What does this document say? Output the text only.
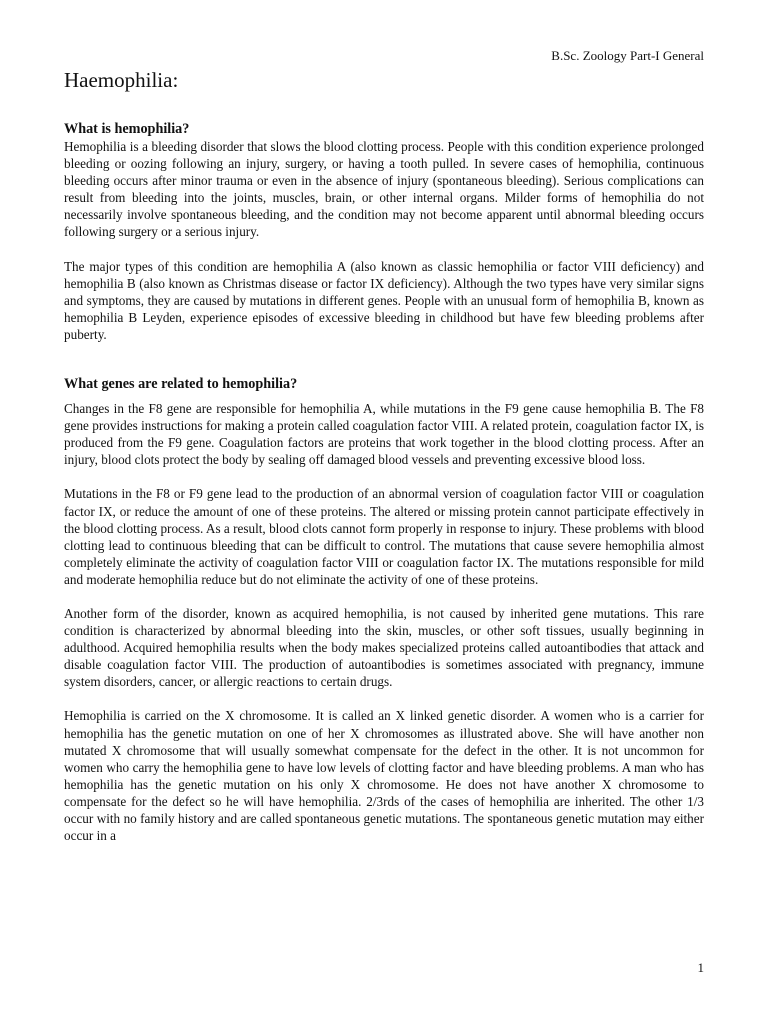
B.Sc. Zoology Part-I General

Haemophilia:
What is hemophilia?

Hemophilia is a bleeding disorder that slows the blood clotting process. People with this condition experience prolonged bleeding or oozing following an injury, surgery, or having a tooth pulled. In severe cases of hemophilia, continuous bleeding occurs after minor trauma or even in the absence of injury (spontaneous bleeding). Serious complications can result from bleeding into the joints, muscles, brain, or other internal organs. Milder forms of hemophilia do not necessarily involve spontaneous bleeding, and the condition may not become apparent until abnormal bleeding occurs following surgery or a serious injury.

The major types of this condition are hemophilia A (also known as classic hemophilia or factor VIII deficiency) and hemophilia B (also known as Christmas disease or factor IX deficiency). Although the two types have very similar signs and symptoms, they are caused by mutations in different genes. People with an unusual form of hemophilia B, known as hemophilia B Leyden, experience episodes of excessive bleeding in childhood but have few bleeding problems after puberty.

What genes are related to hemophilia?

Changes in the F8 gene are responsible for hemophilia A, while mutations in the F9 gene cause hemophilia B. The F8 gene provides instructions for making a protein called coagulation factor VIII. A related protein, coagulation factor IX, is produced from the F9 gene. Coagulation factors are proteins that work together in the blood clotting process. After an injury, blood clots protect the body by sealing off damaged blood vessels and preventing excessive blood loss.

Mutations in the F8 or F9 gene lead to the production of an abnormal version of coagulation factor VIII or coagulation factor IX, or reduce the amount of one of these proteins. The altered or missing protein cannot participate effectively in the blood clotting process. As a result, blood clots cannot form properly in response to injury. These problems with blood clotting lead to continuous bleeding that can be difficult to control. The mutations that cause severe hemophilia almost completely eliminate the activity of coagulation factor VIII or coagulation factor IX. The mutations responsible for mild and moderate hemophilia reduce but do not eliminate the activity of one of these proteins.

Another form of the disorder, known as acquired hemophilia, is not caused by inherited gene mutations. This rare condition is characterized by abnormal bleeding into the skin, muscles, or other soft tissues, usually beginning in adulthood. Acquired hemophilia results when the body makes specialized proteins called autoantibodies that attack and disable coagulation factor VIII. The production of autoantibodies is sometimes associated with pregnancy, immune system disorders, cancer, or allergic reactions to certain drugs.

Hemophilia is carried on the X chromosome. It is called an X linked genetic disorder. A women who is a carrier for hemophilia has the genetic mutation on one of her X chromosomes as illustrated above. She will have another non mutated X chromosome that will usually somewhat compensate for the defect in the other. It is not uncommon for women who carry the hemophilia gene to have low levels of clotting factor and have bleeding problems. A man who has hemophilia has the genetic mutation on his only X chromosome. He does not have another X chromosome to compensate for the defect so he will have hemophilia. 2/3rds of the cases of hemophilia are inherited. The other 1/3 occur with no family history and are called spontaneous genetic mutations. The spontaneous genetic mutation may either occur in a

1
